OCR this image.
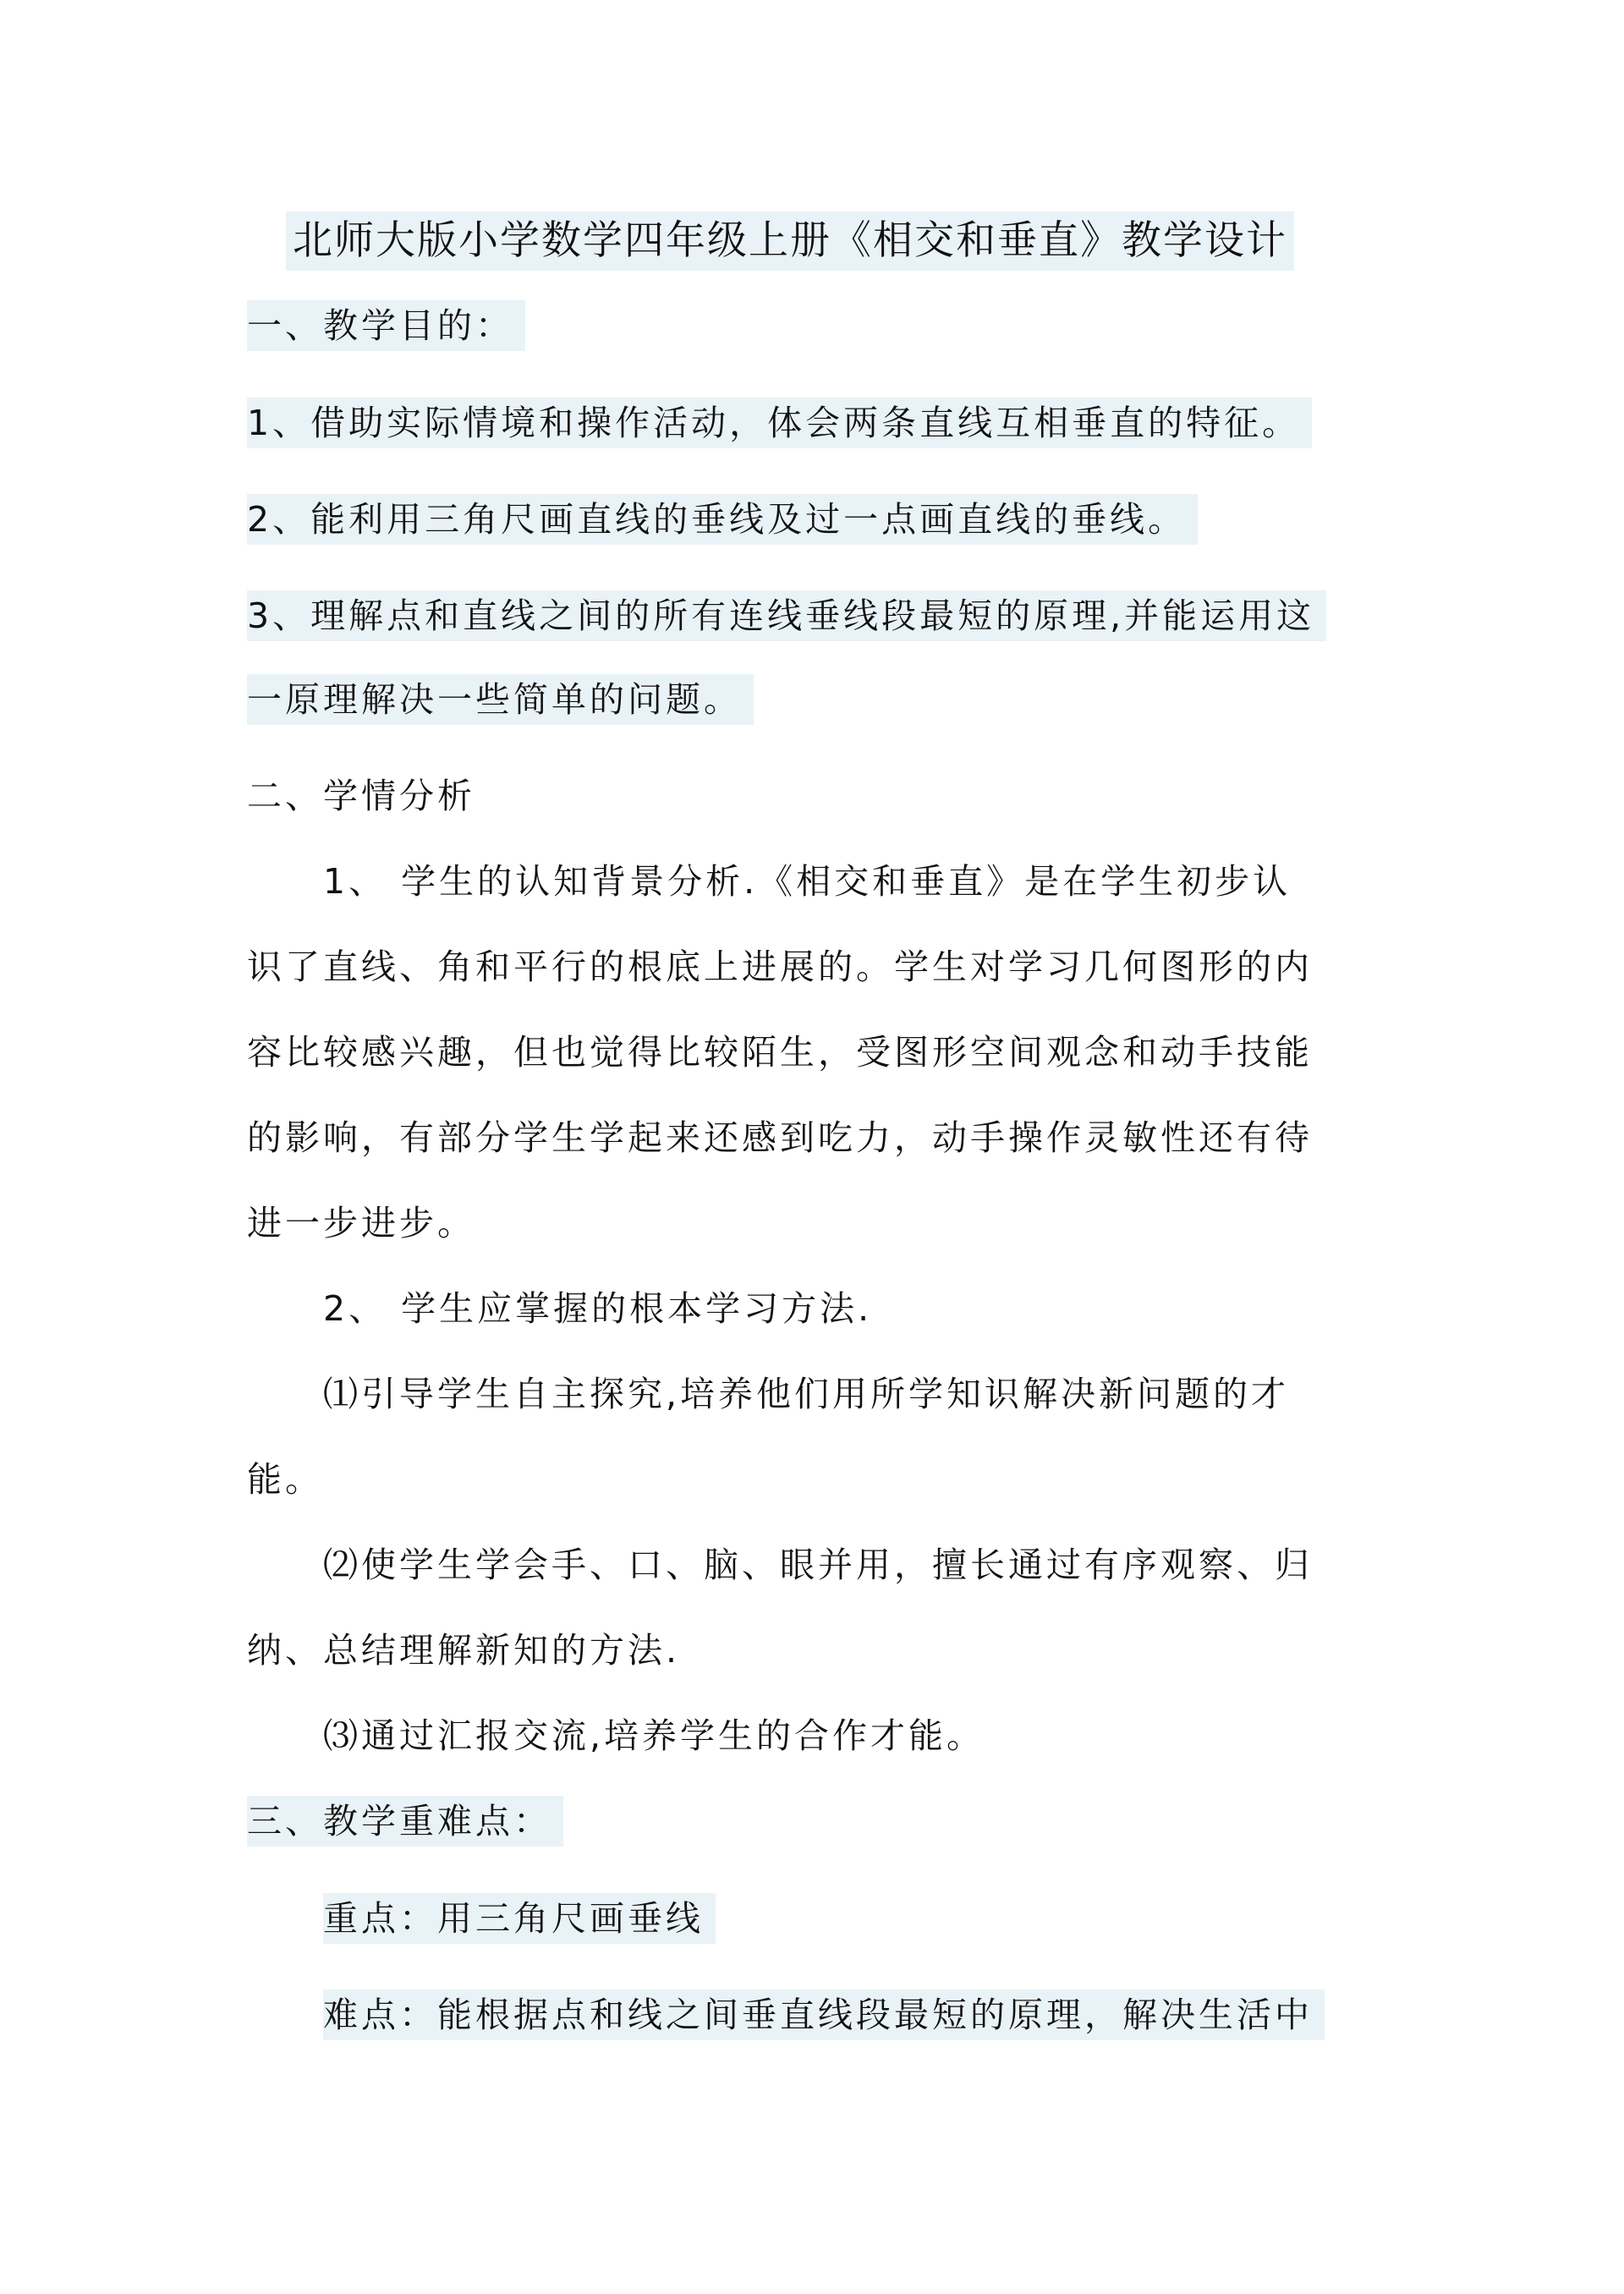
北师大版小学数学四年级上册《相交和垂直》教学设计

一、教学目的：

1、借助实际情境和操作活动，体会两条直线互相垂直的特征。

2、能利用三角尺画直线的垂线及过一点画直线的垂线。

3、理解点和直线之间的所有连线垂线段最短的原理,并能运用这

一原理解决一些简单的问题。

二、学情分析

1、 学生的认知背景分析.《相交和垂直》是在学生初步认

识了直线、角和平行的根底上进展的。学生对学习几何图形的内

容比较感兴趣，但也觉得比较陌生，受图形空间观念和动手技能

的影响，有部分学生学起来还感到吃力，动手操作灵敏性还有待

进一步进步。

2、 学生应掌握的根本学习方法.

⑴引导学生自主探究,培养他们用所学知识解决新问题的才

能。

⑵使学生学会手、口、脑、眼并用，擅长通过有序观察、归

纳、总结理解新知的方法.

⑶通过汇报交流,培养学生的合作才能。

三、教学重难点：

重点：用三角尺画垂线

难点：能根据点和线之间垂直线段最短的原理，解决生活中
